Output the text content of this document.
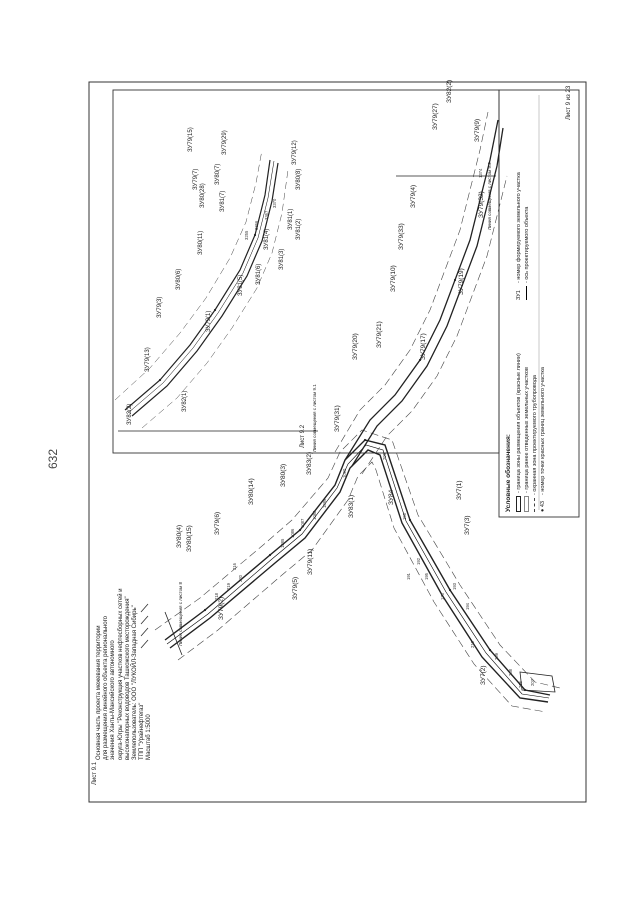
632
ЗУ80(4) ЗУ80(15)
ЗУ79(6)
ЗУ79(2)
ЗУ80(14)
ЗУ80(3)
ЗУ83(2)
ЗУ79(31)
ЗУ79(5)
ЗУ79(11)
ЗУ83(1)	ЗУ84	ЗУ7(1)
ЗУ7(3)
ЗУ7(2)
ЗУ79(20)	ЗУ79(21)	ЗУ79(17)
ЗУ79(10)	ЗУ79(19)
ЗУ79(33)
ЗУ79(4)	ЗУ79(32)
ЗУ79(27)
ЗУ79(9)
ЗУ82(2)
ЗУ82(2)
ЗУ82(1)
ЗУ79(13)
ЗУ79(3)
ЗУ79(1)
ЗУ80(6)
ЗУ80(11)
ЗУ81(5)
ЗУ81(6)
ЗУ81(4)
ЗУ81(3)
ЗУ81(1) ЗУ81(2)
ЗУ81(7)
ЗУ79(7)
ЗУ80(28)
ЗУ80(7)
ЗУ79(29)
ЗУ79(15)
ЗУ79(12)
ЗУ80(8)
175
191
192
193
194
195
196
205
206 207
208
209
210
216
218
219
220
1085
1086
1087
1088
1089
1090
1374
3255
3366
3367
3370
Основная часть проекта межевания территории для размещения линейного объекта регионального значения Ханты-Мансийского автономного округа-Югры "Реконструкция участков нефтесборных сетей и высоконапорных водоводов Ташкожского месторождения" Землепользователь: ООО "ЛУКОЙЛ-Западная Сибирь" ТПП "Урайнефтегаз" Масштаб 1:5000
Лист 9.1
Лист 9.2
Лист 9 из 23
Линия совмещения с листом 8
Линия совмещения с листом 9.1
Линия совмещения с листом 9.2
Условные обозначения: - граница зоны размещения объектов (красные линии) - граница ранее отведенных земельных участков - охранная зона проектируемого трубопровода
● 43- номер точки красных границ земельного участка
ЗУ1- номер формируемого земельного участка - ось проектируемого объекта
